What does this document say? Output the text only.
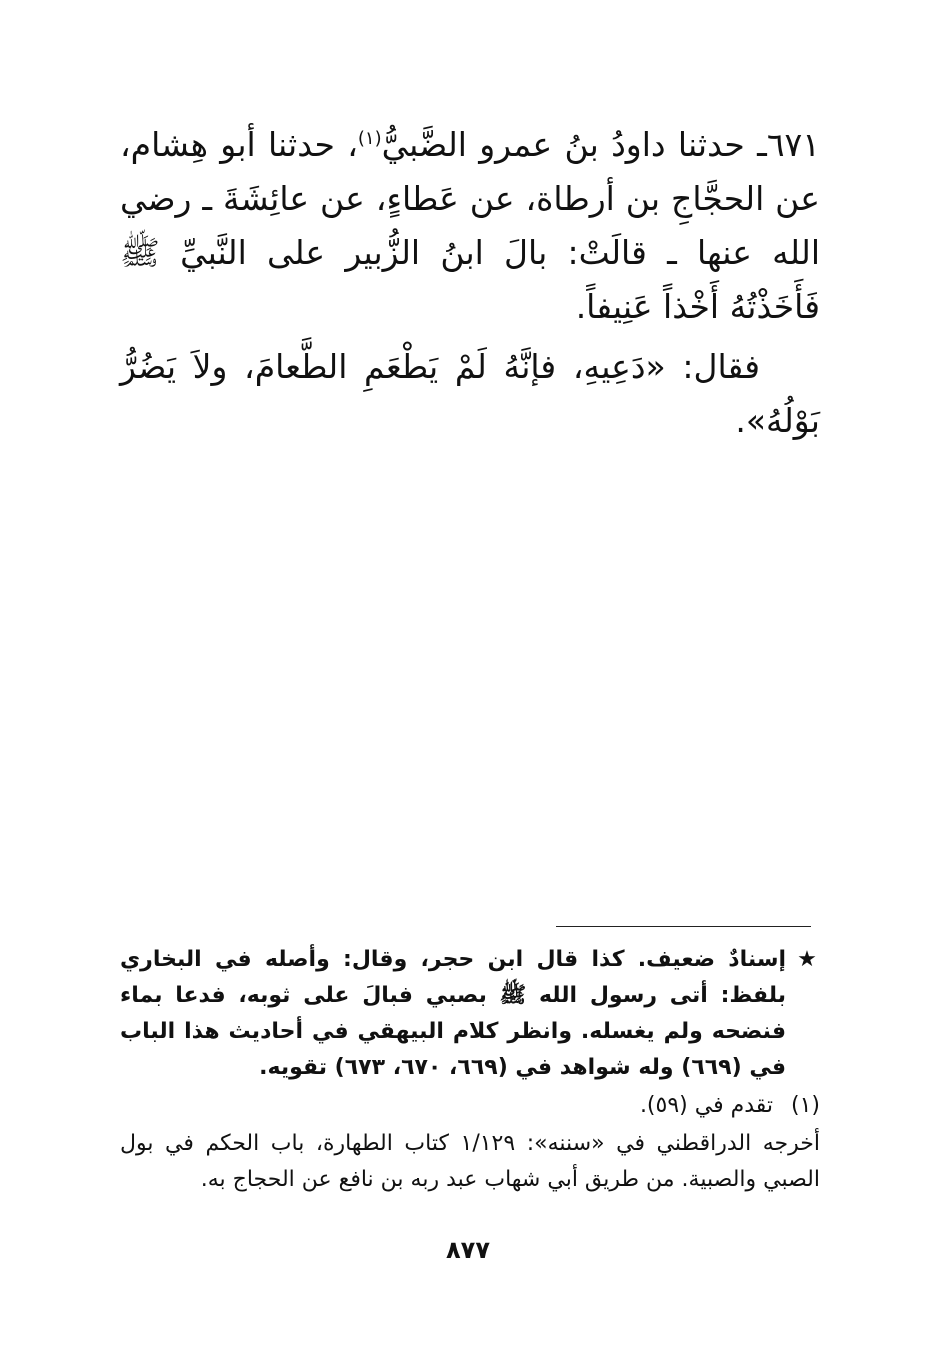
٦٧١ـ حدثنا داودُ بنُ عمرو الضَّبيُّ$^{(١)}$، حدثنا أبو هِشام، عن الحجَّاجِ بن أرطاة، عن عَطاءٍ، عن عائِشَةَ ـ رضي الله عنها ـ قالَتْ: بالَ ابنُ الزُّبير على النَّبيِّ ﷺ فَأَخَذْتُهُ أَخْذاً عَنِيفاً.

فقال: «دَعِيهِ، فإنَّهُ لَمْ يَطْعَمِ الطَّعامَ، ولاَ يَضُرُّ بَوْلُهُ».

★
إسنادٌ ضعيف. كذا قال ابن حجر، وقال: وأصله في البخاري بلفظ: أتى رسول الله ﷺ بصبي فبالَ على ثوبه، فدعا بماء فنضحه ولم يغسله. وانظر كلام البيهقي في أحاديث هذا الباب في (٦٦٩) وله شواهد في (٦٦٩، ٦٧٠، ٦٧٣) تقويه.

(١) تقدم في (٥٩).

أخرجه الدراقطني في «سننه»: ١/١٢٩ كتاب الطهارة، باب الحكم في بول الصبي والصبية. من طريق أبي شهاب عبد ربه بن نافع عن الحجاج به.

٨٧٧
